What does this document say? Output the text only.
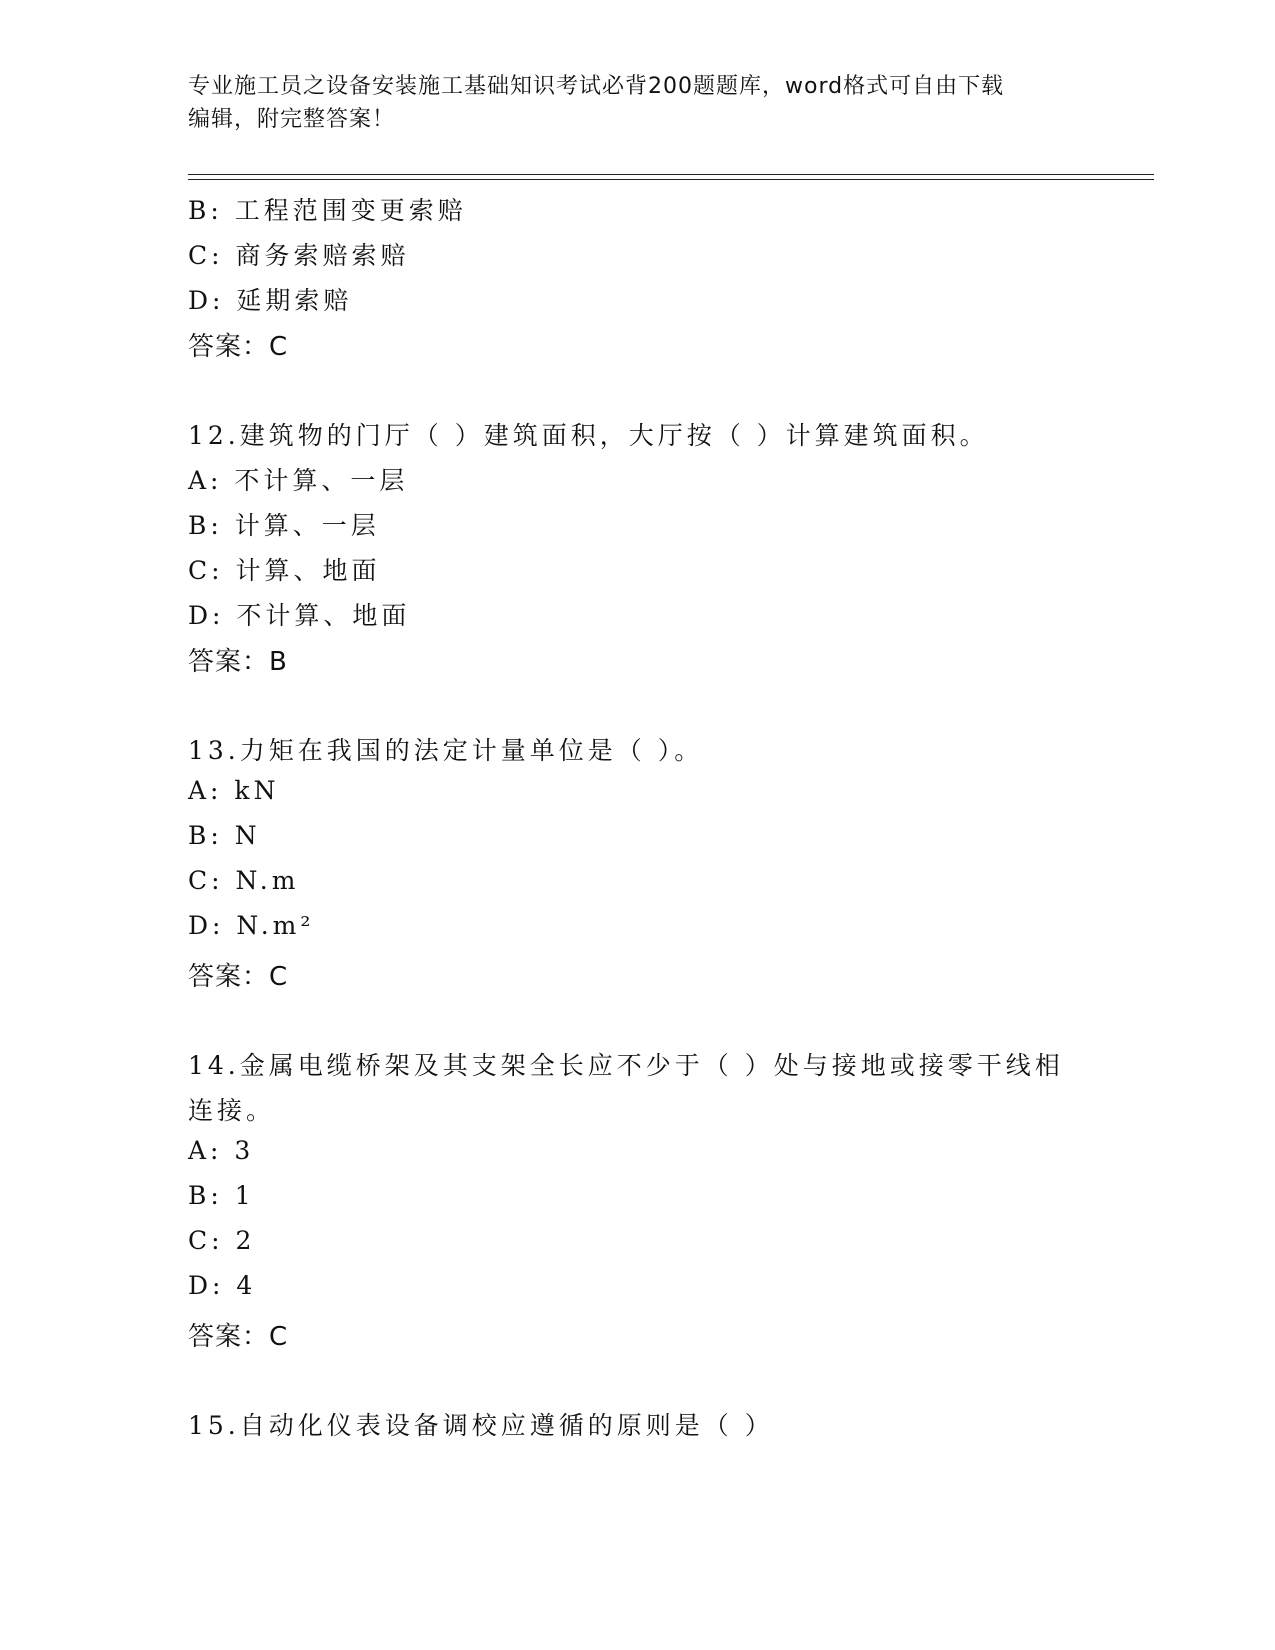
专业施工员之设备安装施工基础知识考试必背200题题库，word格式可自由下载
编辑，附完整答案！
B: 工程范围变更索赔
C: 商务索赔索赔
D: 延期索赔
答案：C
12.建筑物的门厅（ ）建筑面积，大厅按（ ）计算建筑面积。
A: 不计算、一层
B: 计算、一层
C: 计算、地面
D: 不计算、地面
答案：B
13.力矩在我国的法定计量单位是（ ）。
A: kN
B: N
C: N.m
D: N.m²
答案：C
14.金属电缆桥架及其支架全长应不少于（ ）处与接地或接零干线相
连接。
A: 3
B: 1
C: 2
D: 4
答案：C
15.自动化仪表设备调校应遵循的原则是（ ）
